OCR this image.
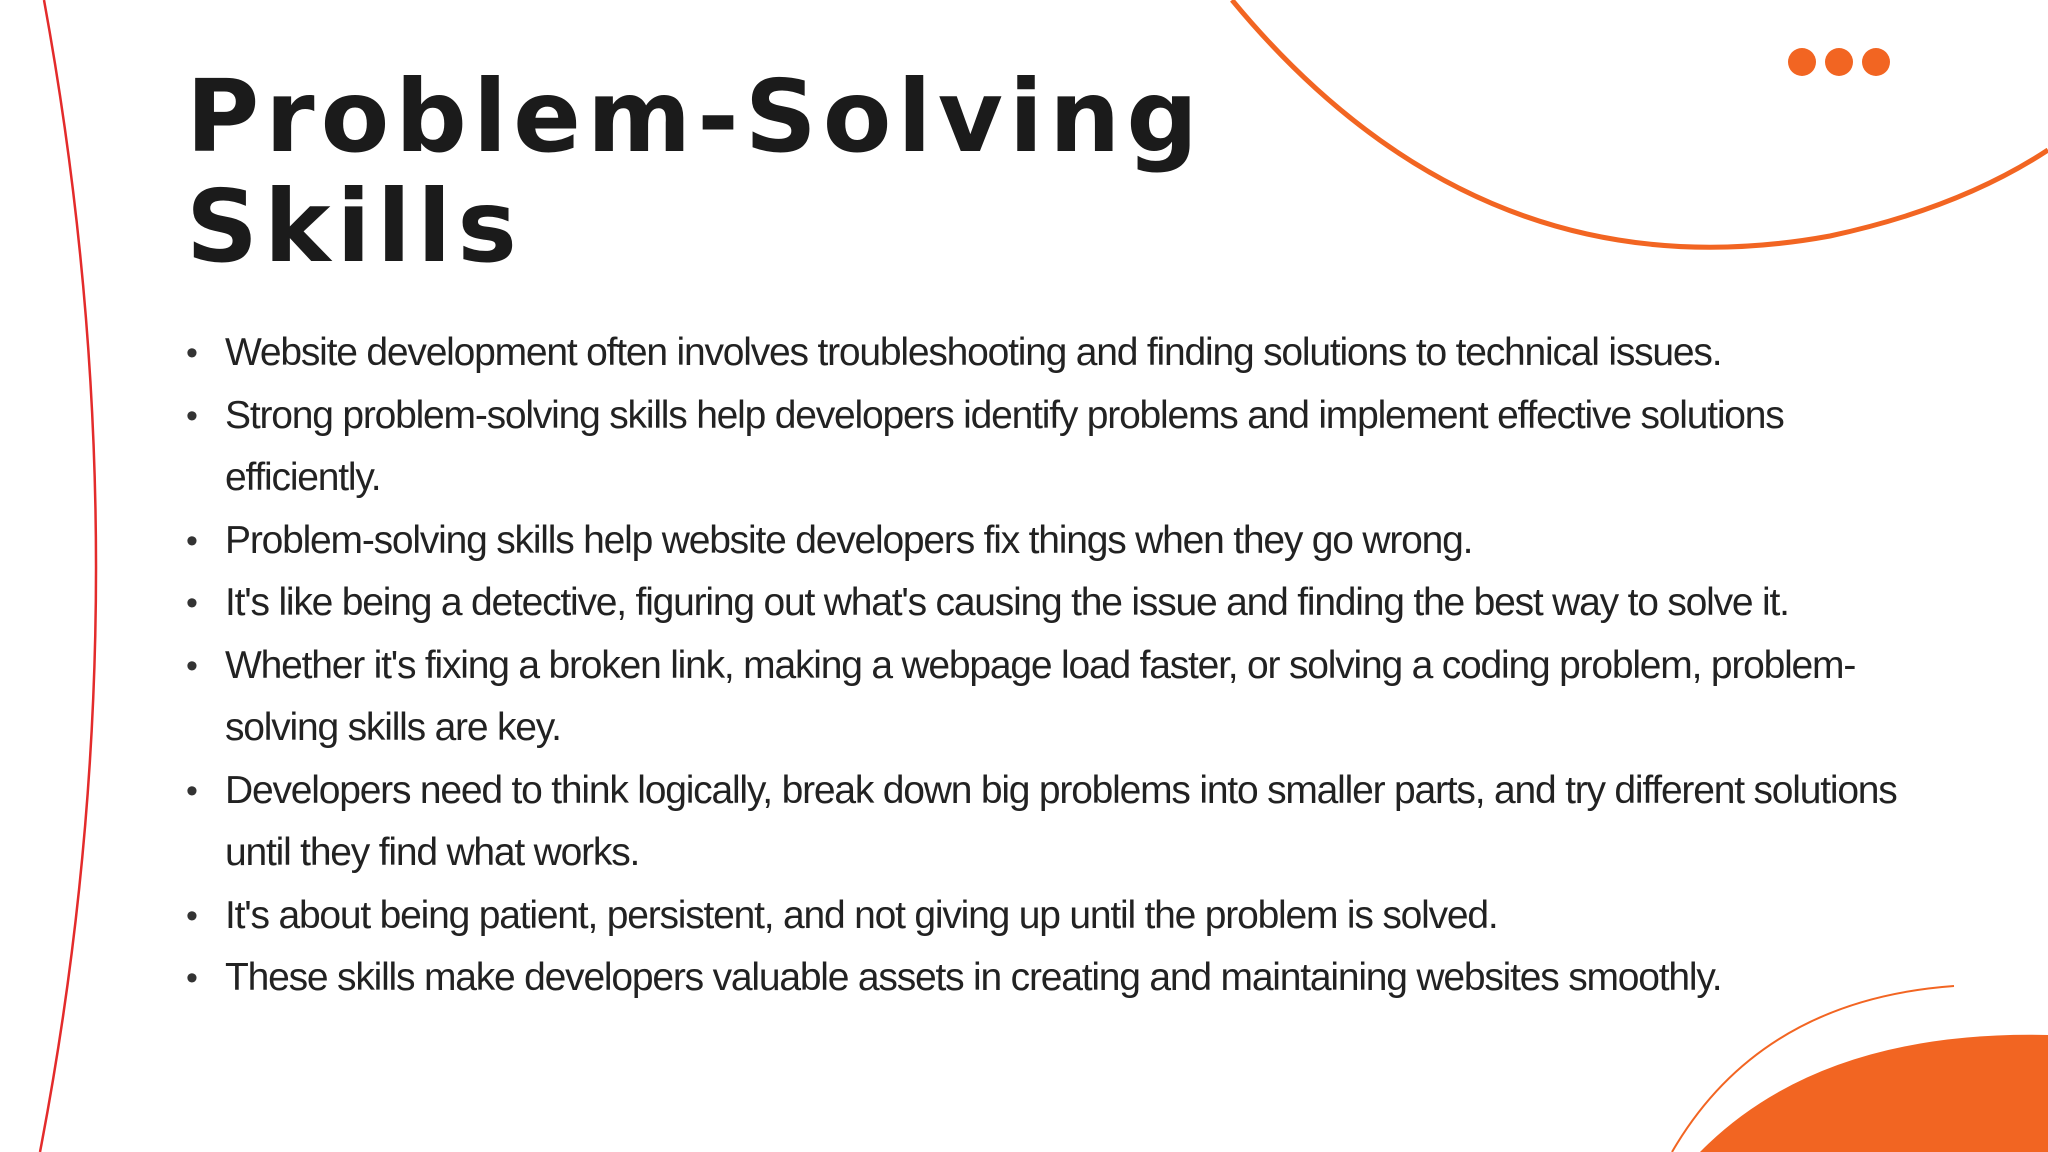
Problem-Solving
Skills
• Website development often involves troubleshooting and finding solutions to technical issues.
• Strong problem-solving skills help developers identify problems and implement effective solutions efficiently.
• Problem-solving skills help website developers fix things when they go wrong.
• It's like being a detective, figuring out what's causing the issue and finding the best way to solve it.
• Whether it's fixing a broken link, making a webpage load faster, or solving a coding problem, problem-solving skills are key.
• Developers need to think logically, break down big problems into smaller parts, and try different solutions until they find what works.
• It's about being patient, persistent, and not giving up until the problem is solved.
• These skills make developers valuable assets in creating and maintaining websites smoothly.
